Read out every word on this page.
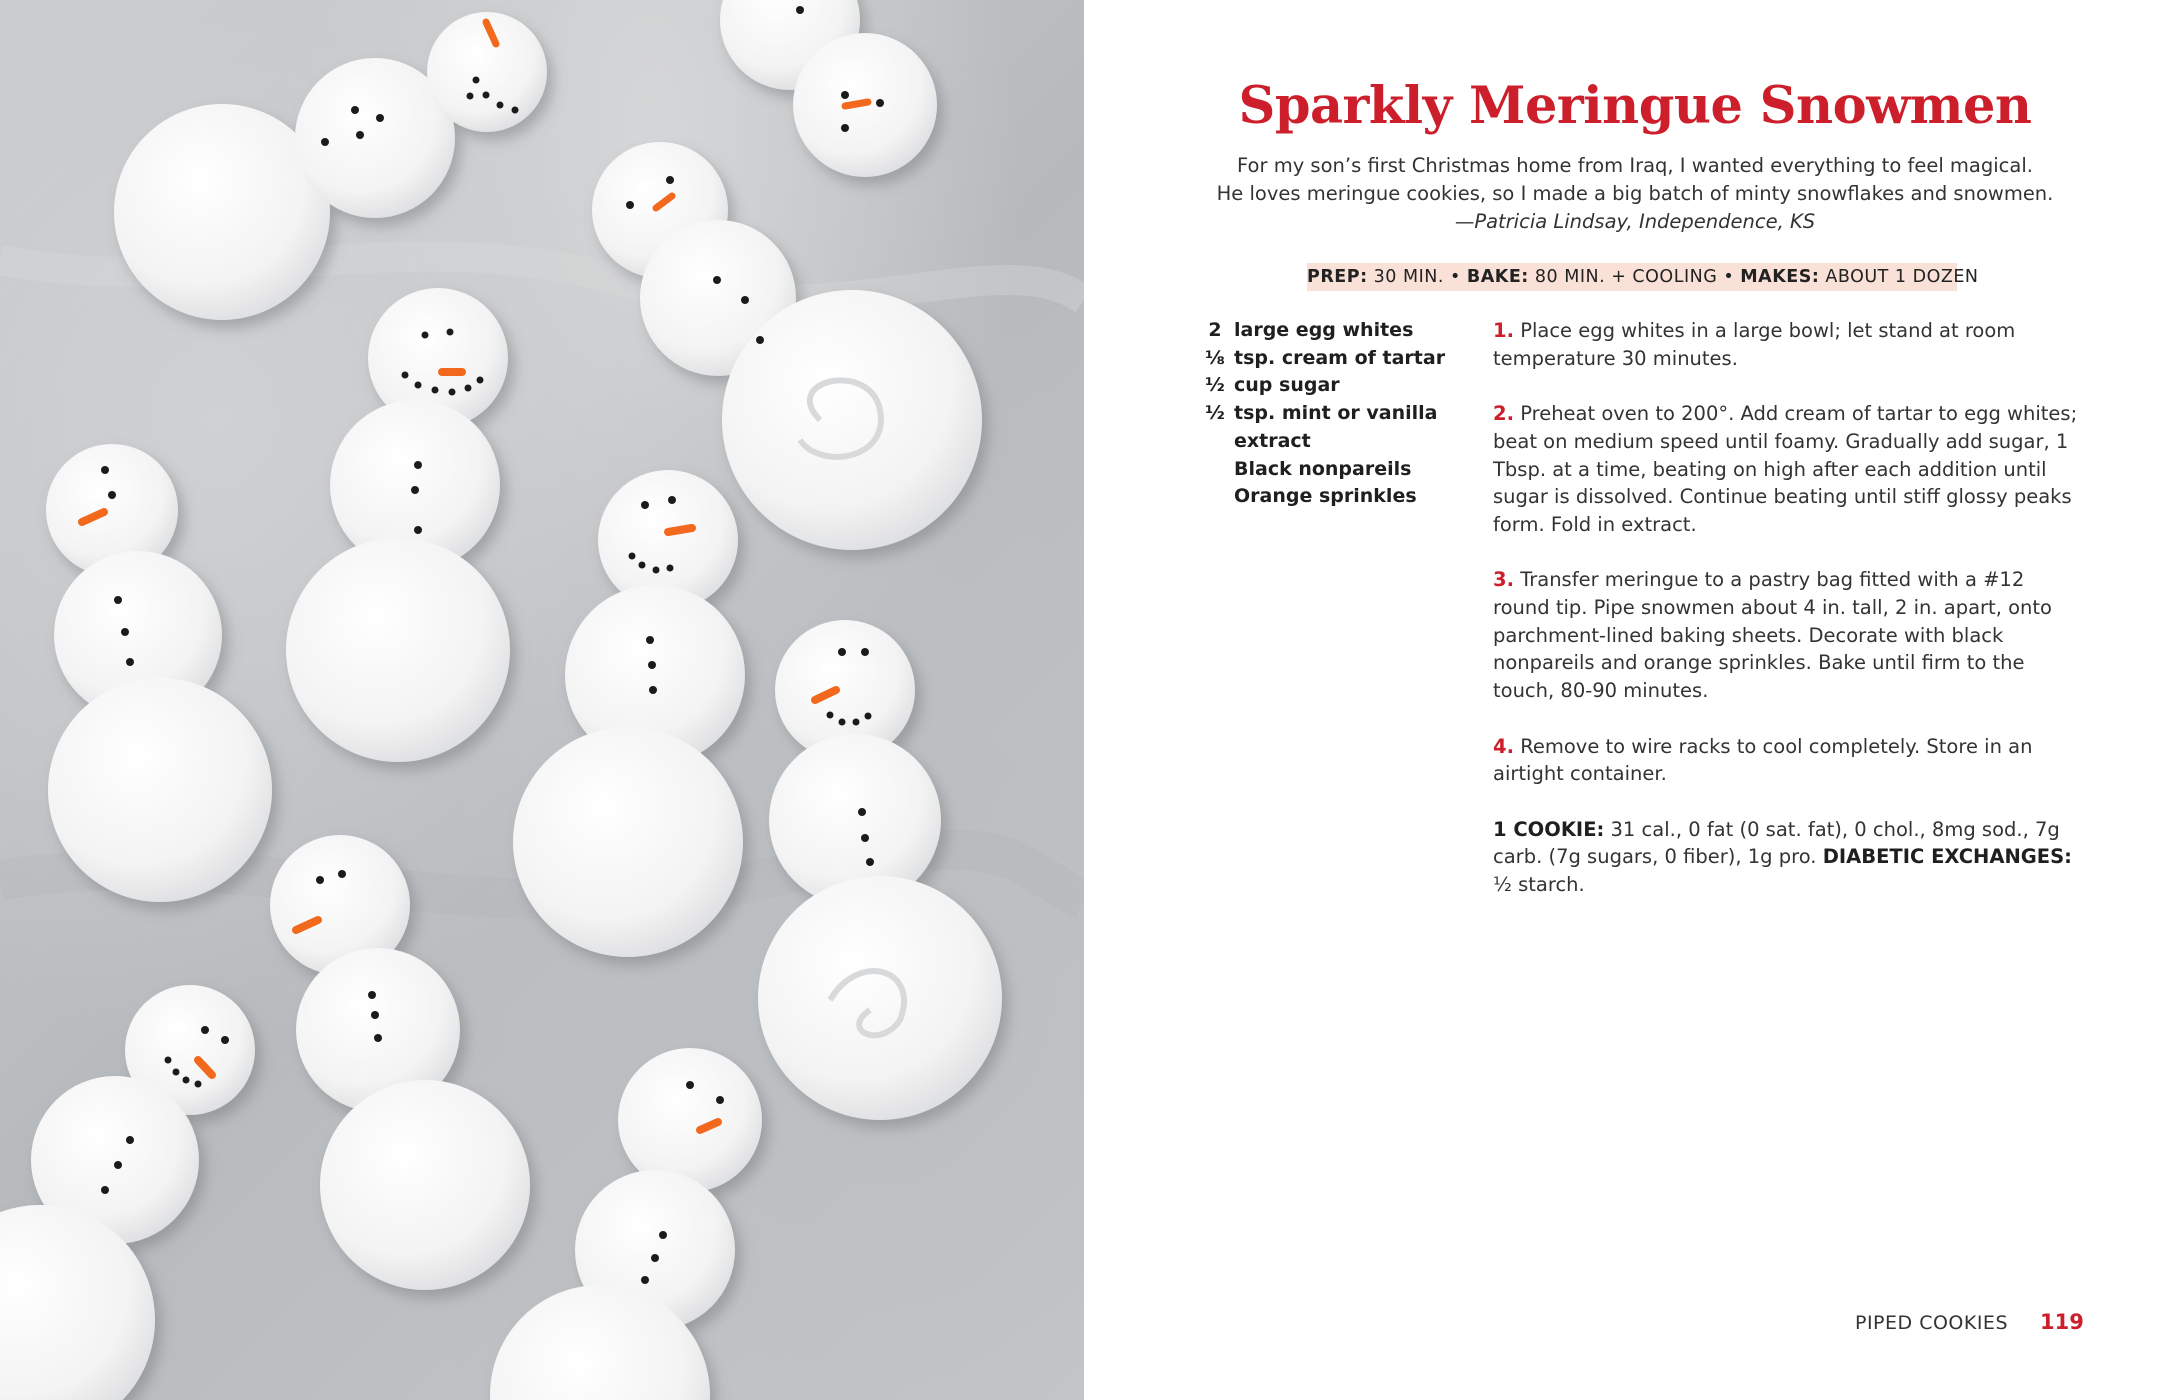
Sparkly Meringue Snowmen
For my son’s first Christmas home from Iraq, I wanted everything to feel magical.
He loves meringue cookies, so I made a big batch of minty snowflakes and snowmen.
—Patricia Lindsay, Independence, KS
PREP: 30 MIN. • BAKE: 80 MIN. + COOLING • MAKES: ABOUT 1 DOZEN
2 large egg whites
⅛ tsp. cream of tartar
½ cup sugar
½ tsp. mint or vanilla extract
Black nonpareils
Orange sprinkles

1. Place egg whites in a large bowl; let stand at room temperature 30 minutes.

2. Preheat oven to 200°. Add cream of tartar to egg whites; beat on medium speed until foamy. Gradually add sugar, 1 Tbsp. at a time, beating on high after each addition until sugar is dissolved. Continue beating until stiff glossy peaks form. Fold in extract.

3. Transfer meringue to a pastry bag fitted with a #12 round tip. Pipe snowmen about 4 in. tall, 2 in. apart, onto parchment-lined baking sheets. Decorate with black nonpareils and orange sprinkles. Bake until firm to the touch, 80-90 minutes.

4. Remove to wire racks to cool completely. Store in an airtight container.

1 COOKIE: 31 cal., 0 fat (0 sat. fat), 0 chol., 8mg sod., 7g carb. (7g sugars, 0 fiber), 1g pro. DIABETIC EXCHANGES: ½ starch.

PIPED COOKIES 119
